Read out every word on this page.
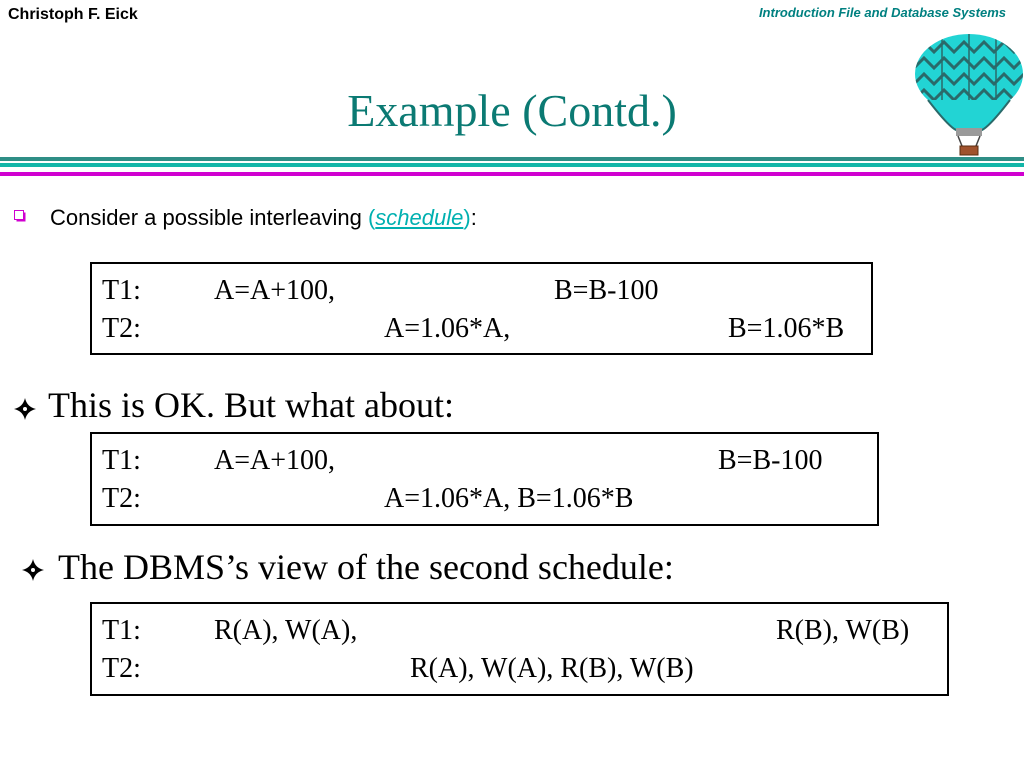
Christoph F. Eick	Introduction File and Database Systems
Example (Contd.)
Consider a possible interleaving (schedule):
T1:	A=A+100,	B=B-100
T2:	A=1.06*A,	B=1.06*B
This is OK. But what about:
T1:	A=A+100,	B=B-100
T2:	A=1.06*A, B=1.06*B
The DBMS’s view of the second schedule:
T1:	R(A), W(A),	R(B), W(B)
T2:	R(A), W(A), R(B), W(B)
